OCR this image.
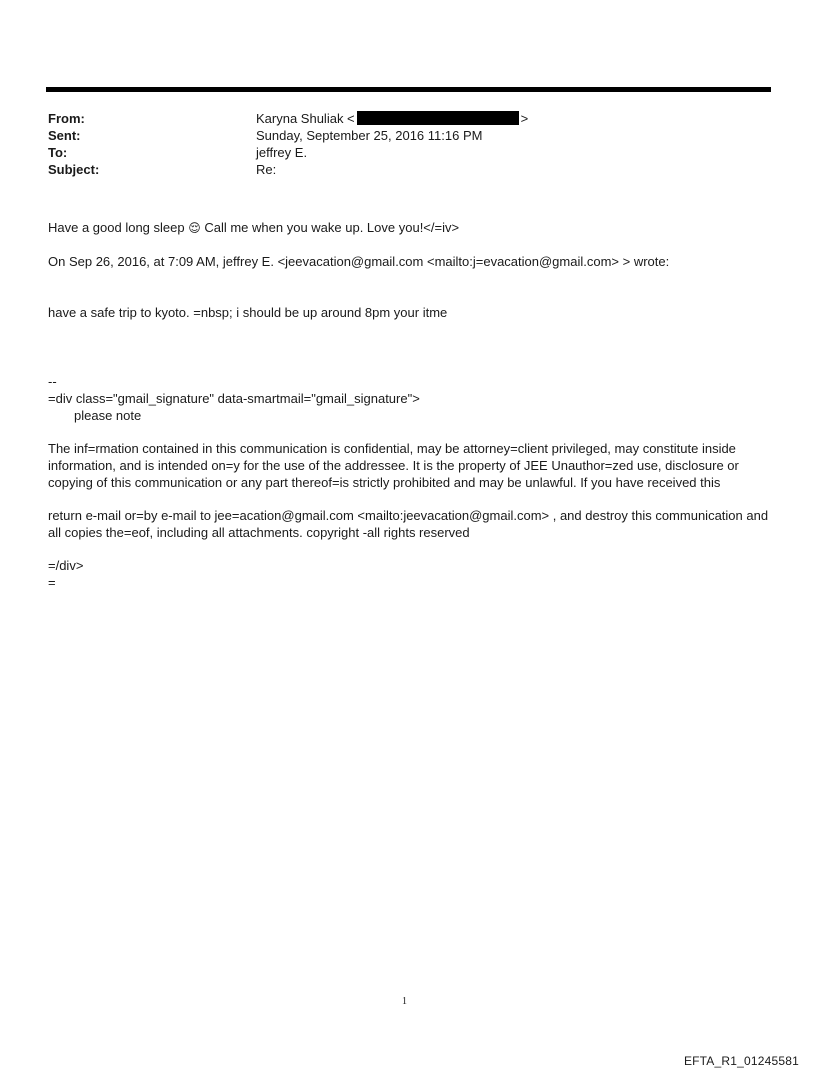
From:	Karyna Shuliak <	>
Sent:	Sunday, September 25, 2016 11:16 PM
To:	jeffrey E.
Subject:	Re:

Have a good long sleep 😌 Call me when you wake up. Love you!</=iv>

On Sep 26, 2016, at 7:09 AM, jeffrey E. <jeevacation@gmail.com <mailto:j=evacation@gmail.com> > wrote:

have a safe trip to kyoto. =nbsp; i should be up around 8pm your itme

--

=div class="gmail_signature" data-smartmail="gmail_signature">

please note

The inf=rmation contained in this communication is confidential, may be attorney=client privileged, may constitute inside information, and is intended on=y for the use of the addressee. It is the property of JEE Unauthor=zed use, disclosure or copying of this communication or any part thereof=is strictly prohibited and may be unlawful. If you have received this

return e-mail or=by e-mail to jee=acation@gmail.com <mailto:jeevacation@gmail.com> , and destroy this communication and all copies the=eof, including all attachments. copyright -all rights reserved

=/div>

=

1
EFTA_R1_01245581
